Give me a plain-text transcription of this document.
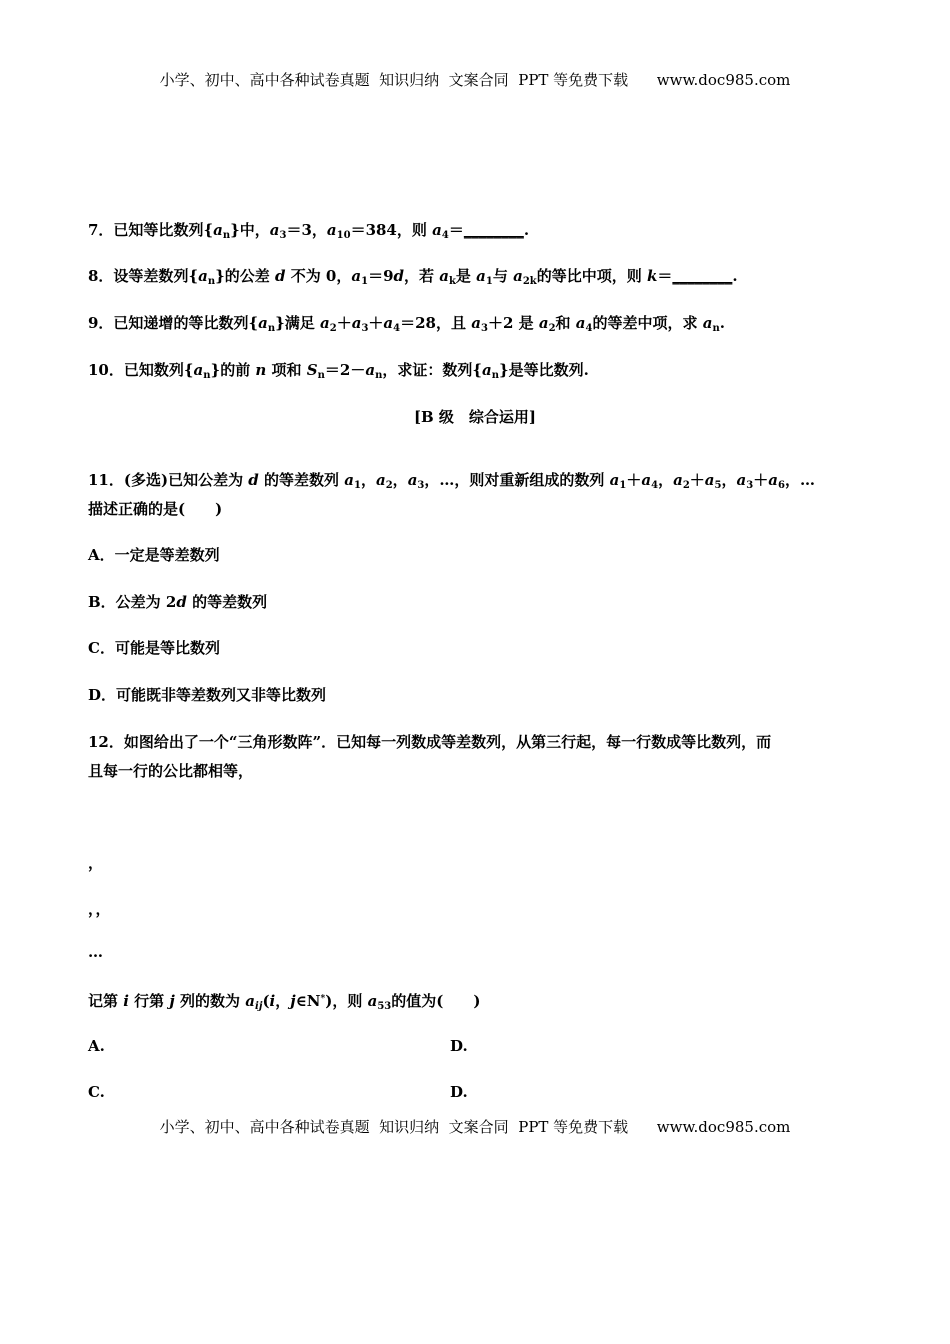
小学、初中、高中各种试卷真题  知识归纳  文案合同  PPT 等免费下载      www.doc985.com
7．已知等比数列$\{a_n\}$中，$a_3=3$，$a_{10}=384$，则 $a_4=\_\_\_\_\_\_\_\_$.
8．设等差数列$\{a_n\}$的公差 d 不为 0，$a_1=9d$，若 $a_k$是 $a_1$与 $a_{2k}$的等比中项，则 k＝________.
9．已知递增的等比数列$\{a_n\}$满足 $a_2+a_3+a_4=28$，且 $a_3+2$ 是 $a_2$和 $a_4$的等差中项，求 $a_n$.
10．已知数列$\{a_n\}$的前 n 项和 $S_n=2-a_n$，求证：数列$\{a_n\}$是等比数列.
[B 级　综合运用]
11．(多选)已知公差为 d 的等差数列 $a_1$，$a_2$，$a_3$，…，则对重新组成的数列 $a_1+a_4$，$a_2+a_5$，$a_3+a_6$，…
描述正确的是(　　)
A．一定是等差数列
B．公差为 2d 的等差数列
C．可能是等比数列
D．可能既非等差数列又非等比数列
12．如图给出了一个“三角形数阵”．已知每一列数成等差数列，从第三行起，每一行数成等比数列，而
且每一行的公比都相等，
，
，，
…
记第 i 行第 j 列的数为 $a_{ij}(i$，j∈N*)，则 $a_{53}$的值为(　　)
A.	D.
C.	D.
小学、初中、高中各种试卷真题  知识归纳  文案合同  PPT 等免费下载      www.doc985.com
